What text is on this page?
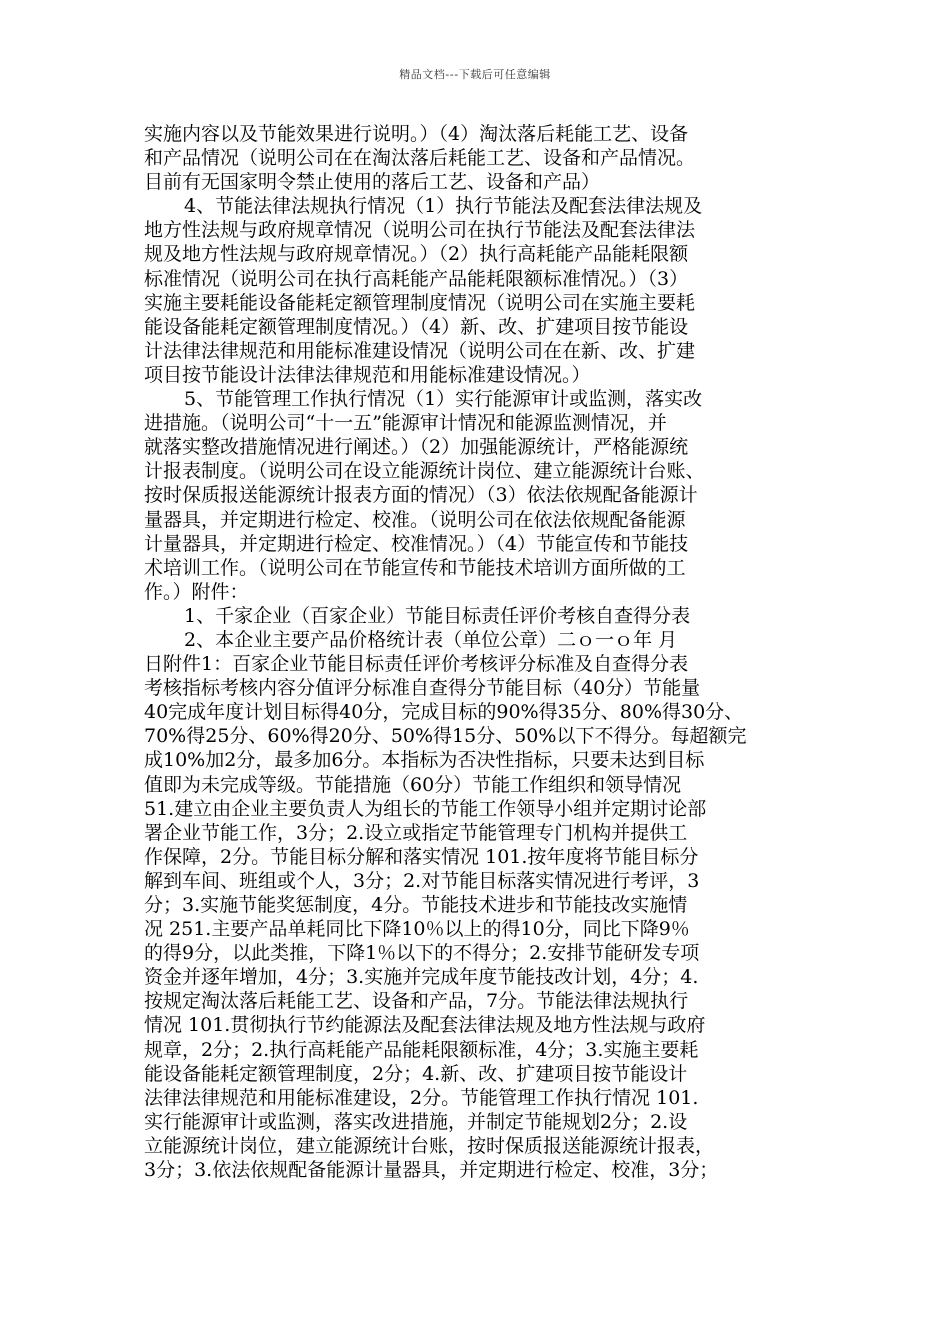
精品文档---下载后可任意编辑
实施内容以及节能效果进行说明。）（4）淘汰落后耗能工艺、设备
和产品情况（说明公司在在淘汰落后耗能工艺、设备和产品情况。
目前有无国家明令禁止使用的落后工艺、设备和产品）
4、节能法律法规执行情况（1）执行节能法及配套法律法规及
地方性法规与政府规章情况（说明公司在执行节能法及配套法律法
规及地方性法规与政府规章情况。）（2）执行高耗能产品能耗限额
标准情况（说明公司在执行高耗能产品能耗限额标准情况。）（3）
实施主要耗能设备能耗定额管理制度情况（说明公司在实施主要耗
能设备能耗定额管理制度情况。）（4）新、改、扩建项目按节能设
计法律法律规范和用能标准建设情况（说明公司在在新、改、扩建
项目按节能设计法律法律规范和用能标准建设情况。）
5、节能管理工作执行情况（1）实行能源审计或监测，落实改
进措施。（说明公司“十一五”能源审计情况和能源监测情况，并
就落实整改措施情况进行阐述。）（2）加强能源统计，严格能源统
计报表制度。（说明公司在设立能源统计岗位、建立能源统计台账、
按时保质报送能源统计报表方面的情况）（3）依法依规配备能源计
量器具，并定期进行检定、校准。（说明公司在依法依规配备能源
计量器具，并定期进行检定、校准情况。）（4）节能宣传和节能技
术培训工作。（说明公司在节能宣传和节能技术培训方面所做的工
作。）附件：
1、千家企业（百家企业）节能目标责任评价考核自查得分表
2、本企业主要产品价格统计表（单位公章）二ｏ一ｏ年 月
日附件1：百家企业节能目标责任评价考核评分标准及自查得分表
考核指标考核内容分值评分标准自查得分节能目标（40分）节能量
40完成年度计划目标得40分，完成目标的90%得35分、80%得30分、
70%得25分、60%得20分、50%得15分、50%以下不得分。每超额完
成10%加2分，最多加6分。本指标为否决性指标，只要未达到目标
值即为未完成等级。节能措施（60分）节能工作组织和领导情况
51.建立由企业主要负责人为组长的节能工作领导小组并定期讨论部
署企业节能工作，3分；2.设立或指定节能管理专门机构并提供工
作保障，2分。节能目标分解和落实情况 101.按年度将节能目标分
解到车间、班组或个人，3分；2.对节能目标落实情况进行考评，3
分；3.实施节能奖惩制度，4分。节能技术进步和节能技改实施情
况 251.主要产品单耗同比下降10％以上的得10分，同比下降9％
的得9分，以此类推，下降1％以下的不得分；2.安排节能研发专项
资金并逐年增加，4分；3.实施并完成年度节能技改计划，4分；4.
按规定淘汰落后耗能工艺、设备和产品，7分。节能法律法规执行
情况 101.贯彻执行节约能源法及配套法律法规及地方性法规与政府
规章，2分；2.执行高耗能产品能耗限额标准，4分；3.实施主要耗
能设备能耗定额管理制度，2分；4.新、改、扩建项目按节能设计
法律法律规范和用能标准建设，2分。节能管理工作执行情况 101.
实行能源审计或监测，落实改进措施，并制定节能规划2分；2.设
立能源统计岗位，建立能源统计台账，按时保质报送能源统计报表，
3分；3.依法依规配备能源计量器具，并定期进行检定、校准，3分；
